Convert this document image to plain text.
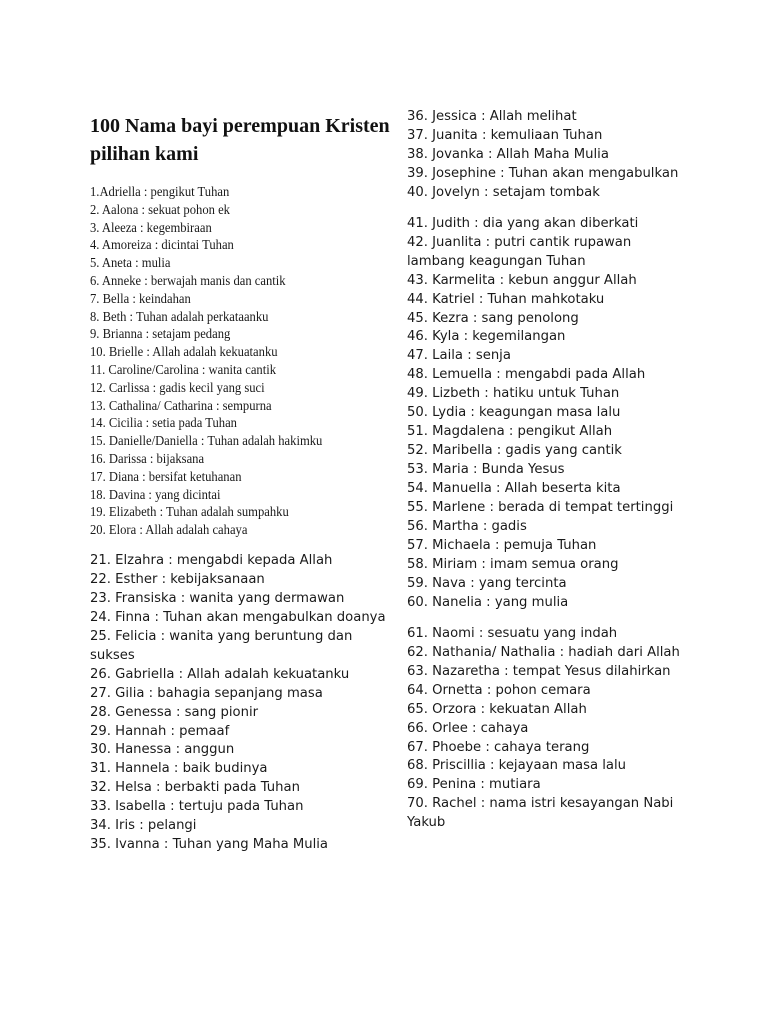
100 Nama bayi perempuan Kristen pilihan kami
1.Adriella : pengikut Tuhan
2. Aalona : sekuat pohon ek
3. Aleeza : kegembiraan
4. Amoreiza : dicintai Tuhan
5. Aneta : mulia
6. Anneke : berwajah manis dan cantik
7. Bella : keindahan
8. Beth : Tuhan adalah perkataanku
9. Brianna : setajam pedang
10. Brielle : Allah adalah kekuatanku
11. Caroline/Carolina : wanita cantik
12. Carlissa : gadis kecil yang suci
13. Cathalina/ Catharina : sempurna
14. Cicilia : setia pada Tuhan
15. Danielle/Daniella : Tuhan adalah hakimku
16. Darissa : bijaksana
17. Diana : bersifat ketuhanan
18. Davina : yang dicintai
19. Elizabeth : Tuhan adalah sumpahku
20. Elora : Allah adalah cahaya
21. Elzahra : mengabdi kepada Allah
22. Esther : kebijaksanaan
23. Fransiska : wanita yang dermawan
24. Finna : Tuhan akan mengabulkan doanya
25. Felicia : wanita yang beruntung dan sukses
26. Gabriella : Allah adalah kekuatanku
27. Gilia : bahagia sepanjang masa
28. Genessa : sang pionir
29. Hannah : pemaaf
30. Hanessa : anggun
31. Hannela : baik budinya
32. Helsa : berbakti pada Tuhan
33. Isabella : tertuju pada Tuhan
34. Iris : pelangi
35. Ivanna : Tuhan yang Maha Mulia
36. Jessica : Allah melihat
37. Juanita : kemuliaan Tuhan
38. Jovanka : Allah Maha Mulia
39. Josephine : Tuhan akan mengabulkan
40. Jovelyn : setajam tombak
41. Judith : dia yang akan diberkati
42. Juanlita : putri cantik rupawan lambang keagungan Tuhan
43. Karmelita : kebun anggur Allah
44. Katriel : Tuhan mahkotaku
45. Kezra : sang penolong
46. Kyla : kegemilangan
47. Laila : senja
48. Lemuella : mengabdi pada Allah
49. Lizbeth : hatiku untuk Tuhan
50. Lydia : keagungan masa lalu
51. Magdalena : pengikut Allah
52. Maribella : gadis yang cantik
53. Maria : Bunda Yesus
54. Manuella : Allah beserta kita
55. Marlene : berada di tempat tertinggi
56. Martha : gadis
57. Michaela : pemuja Tuhan
58. Miriam : imam semua orang
59. Nava : yang tercinta
60. Nanelia : yang mulia
61. Naomi : sesuatu yang indah
62. Nathania/ Nathalia : hadiah dari Allah
63. Nazaretha : tempat Yesus dilahirkan
64. Ornetta : pohon cemara
65. Orzora : kekuatan Allah
66. Orlee : cahaya
67. Phoebe : cahaya terang
68. Priscillia : kejayaan masa lalu
69. Penina : mutiara
70. Rachel : nama istri kesayangan Nabi Yakub
